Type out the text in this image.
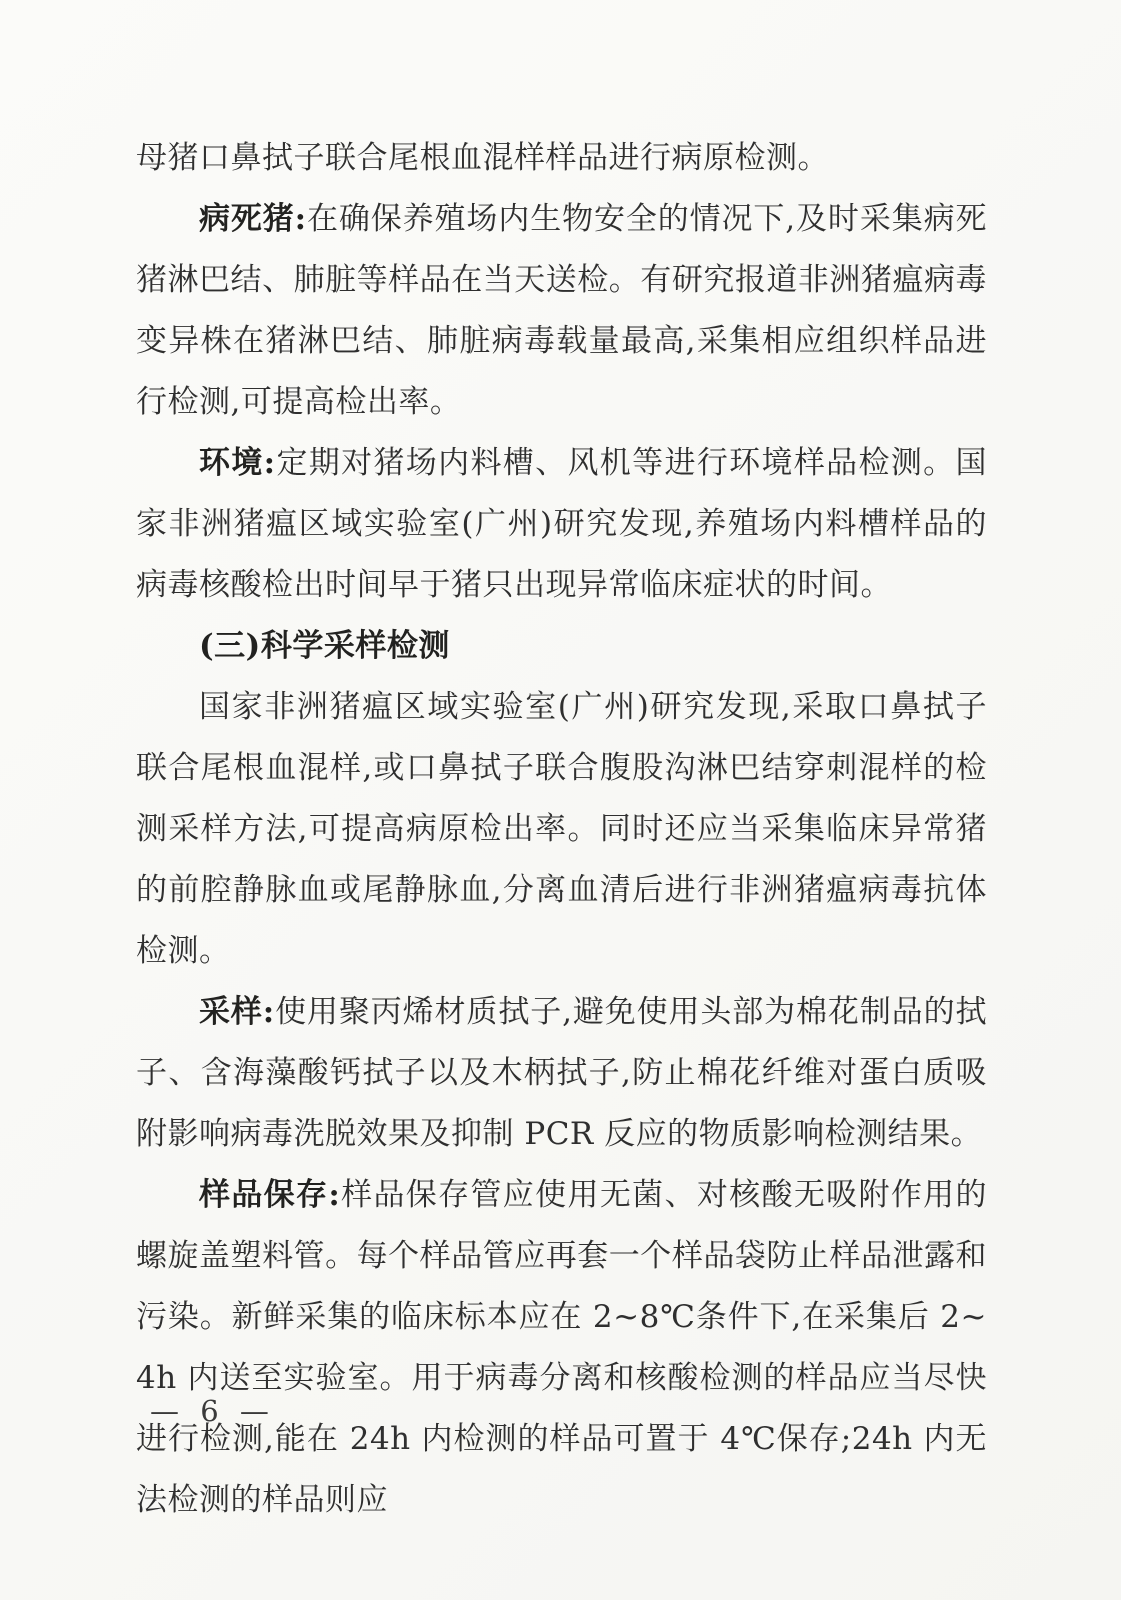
母猪口鼻拭子联合尾根血混样样品进行病原检测。

病死猪:在确保养殖场内生物安全的情况下,及时采集病死猪淋巴结、肺脏等样品在当天送检。有研究报道非洲猪瘟病毒变异株在猪淋巴结、肺脏病毒载量最高,采集相应组织样品进行检测,可提高检出率。

环境:定期对猪场内料槽、风机等进行环境样品检测。国家非洲猪瘟区域实验室(广州)研究发现,养殖场内料槽样品的病毒核酸检出时间早于猪只出现异常临床症状的时间。

(三)科学采样检测

国家非洲猪瘟区域实验室(广州)研究发现,采取口鼻拭子联合尾根血混样,或口鼻拭子联合腹股沟淋巴结穿刺混样的检测采样方法,可提高病原检出率。同时还应当采集临床异常猪的前腔静脉血或尾静脉血,分离血清后进行非洲猪瘟病毒抗体检测。

采样:使用聚丙烯材质拭子,避免使用头部为棉花制品的拭子、含海藻酸钙拭子以及木柄拭子,防止棉花纤维对蛋白质吸附影响病毒洗脱效果及抑制 PCR 反应的物质影响检测结果。

样品保存:样品保存管应使用无菌、对核酸无吸附作用的螺旋盖塑料管。每个样品管应再套一个样品袋防止样品泄露和污染。新鲜采集的临床标本应在 2~8℃条件下,在采集后 2~4h 内送至实验室。用于病毒分离和核酸检测的样品应当尽快进行检测,能在 24h 内检测的样品可置于 4℃保存;24h 内无法检测的样品则应

— 6 —
